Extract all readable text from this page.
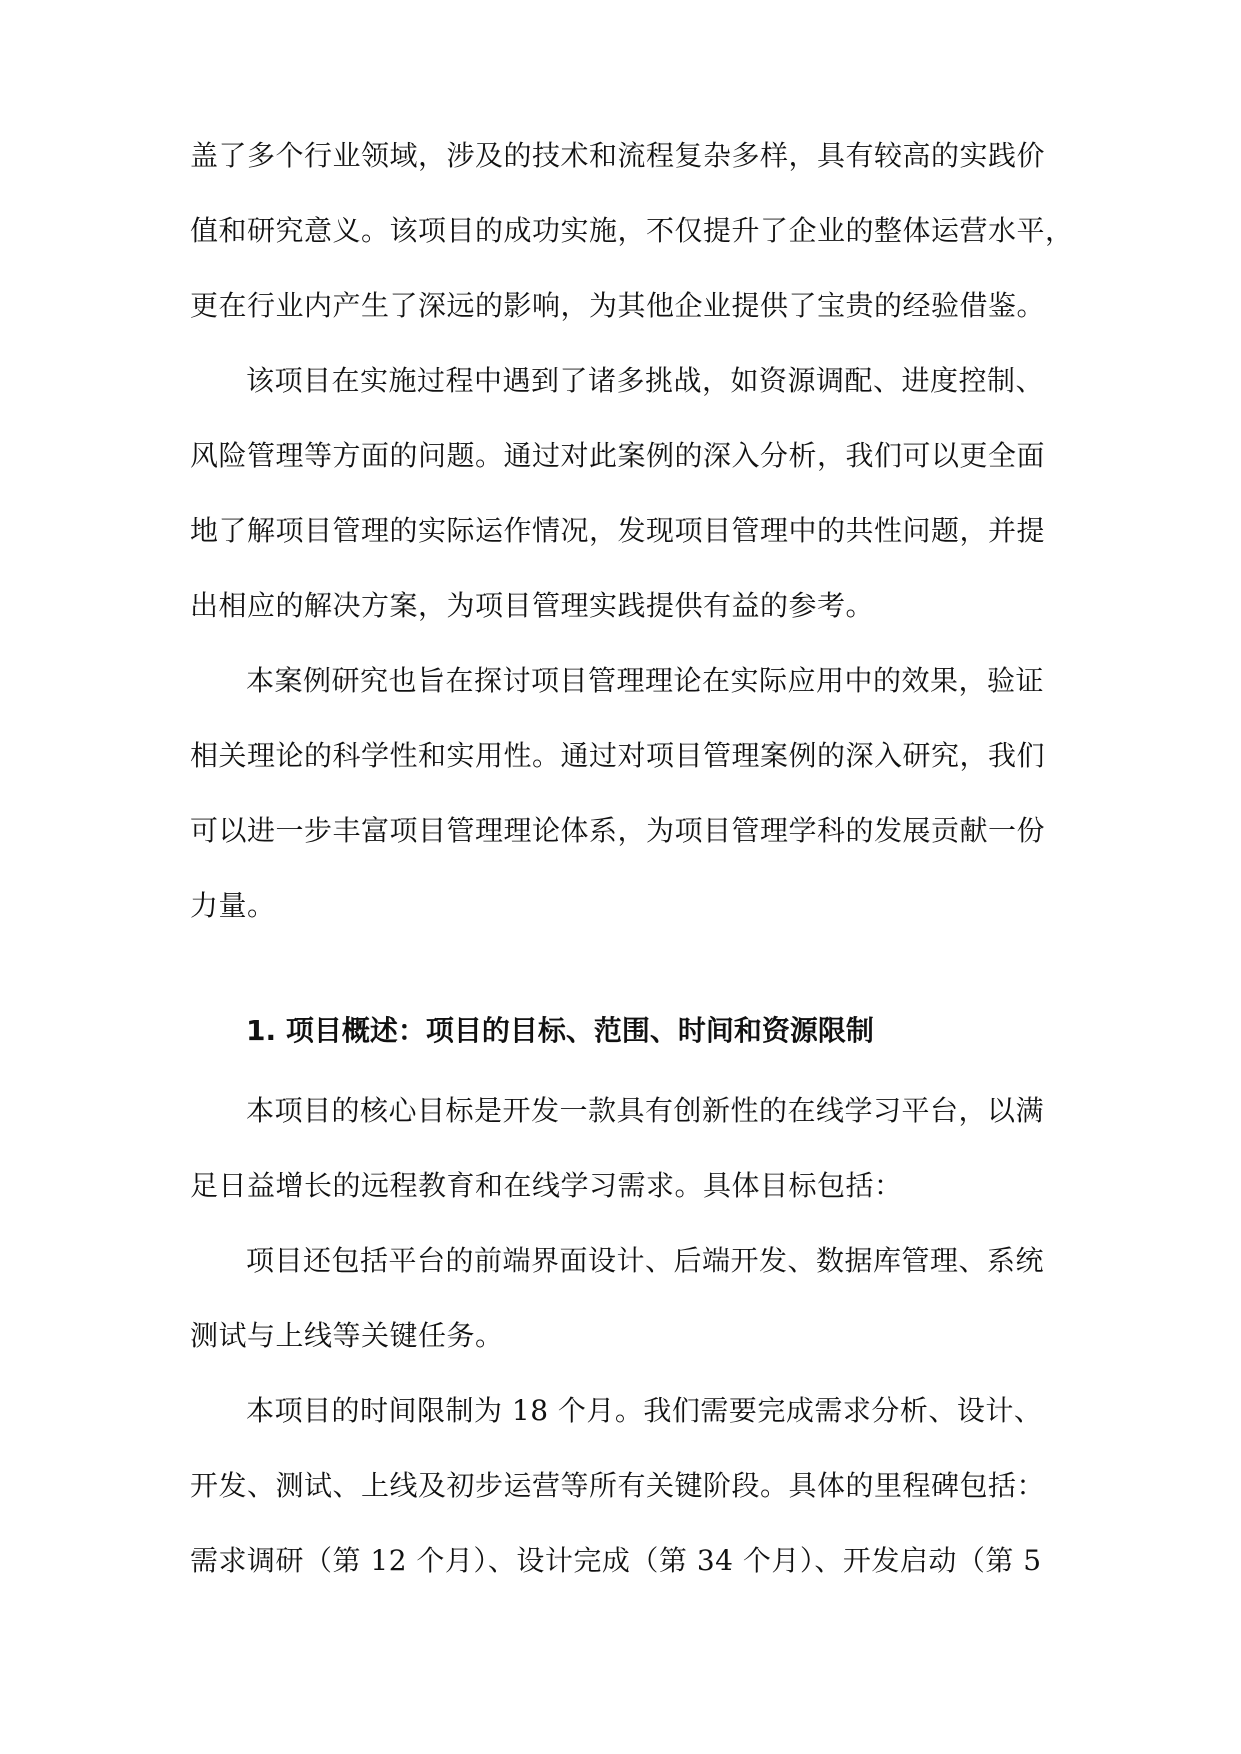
盖了多个行业领域，涉及的技术和流程复杂多样，具有较高的实践价
值和研究意义。该项目的成功实施，不仅提升了企业的整体运营水平，
更在行业内产生了深远的影响，为其他企业提供了宝贵的经验借鉴。
该项目在实施过程中遇到了诸多挑战，如资源调配、进度控制、
风险管理等方面的问题。通过对此案例的深入分析，我们可以更全面
地了解项目管理的实际运作情况，发现项目管理中的共性问题，并提
出相应的解决方案，为项目管理实践提供有益的参考。
本案例研究也旨在探讨项目管理理论在实际应用中的效果，验证
相关理论的科学性和实用性。通过对项目管理案例的深入研究，我们
可以进一步丰富项目管理理论体系，为项目管理学科的发展贡献一份
力量。
1. 项目概述：项目的目标、范围、时间和资源限制
本项目的核心目标是开发一款具有创新性的在线学习平台，以满
足日益增长的远程教育和在线学习需求。具体目标包括：
项目还包括平台的前端界面设计、后端开发、数据库管理、系统
测试与上线等关键任务。
本项目的时间限制为 18 个月。我们需要完成需求分析、设计、
开发、测试、上线及初步运营等所有关键阶段。具体的里程碑包括：
需求调研（第 12 个月）、设计完成（第 34 个月）、开发启动（第 5
